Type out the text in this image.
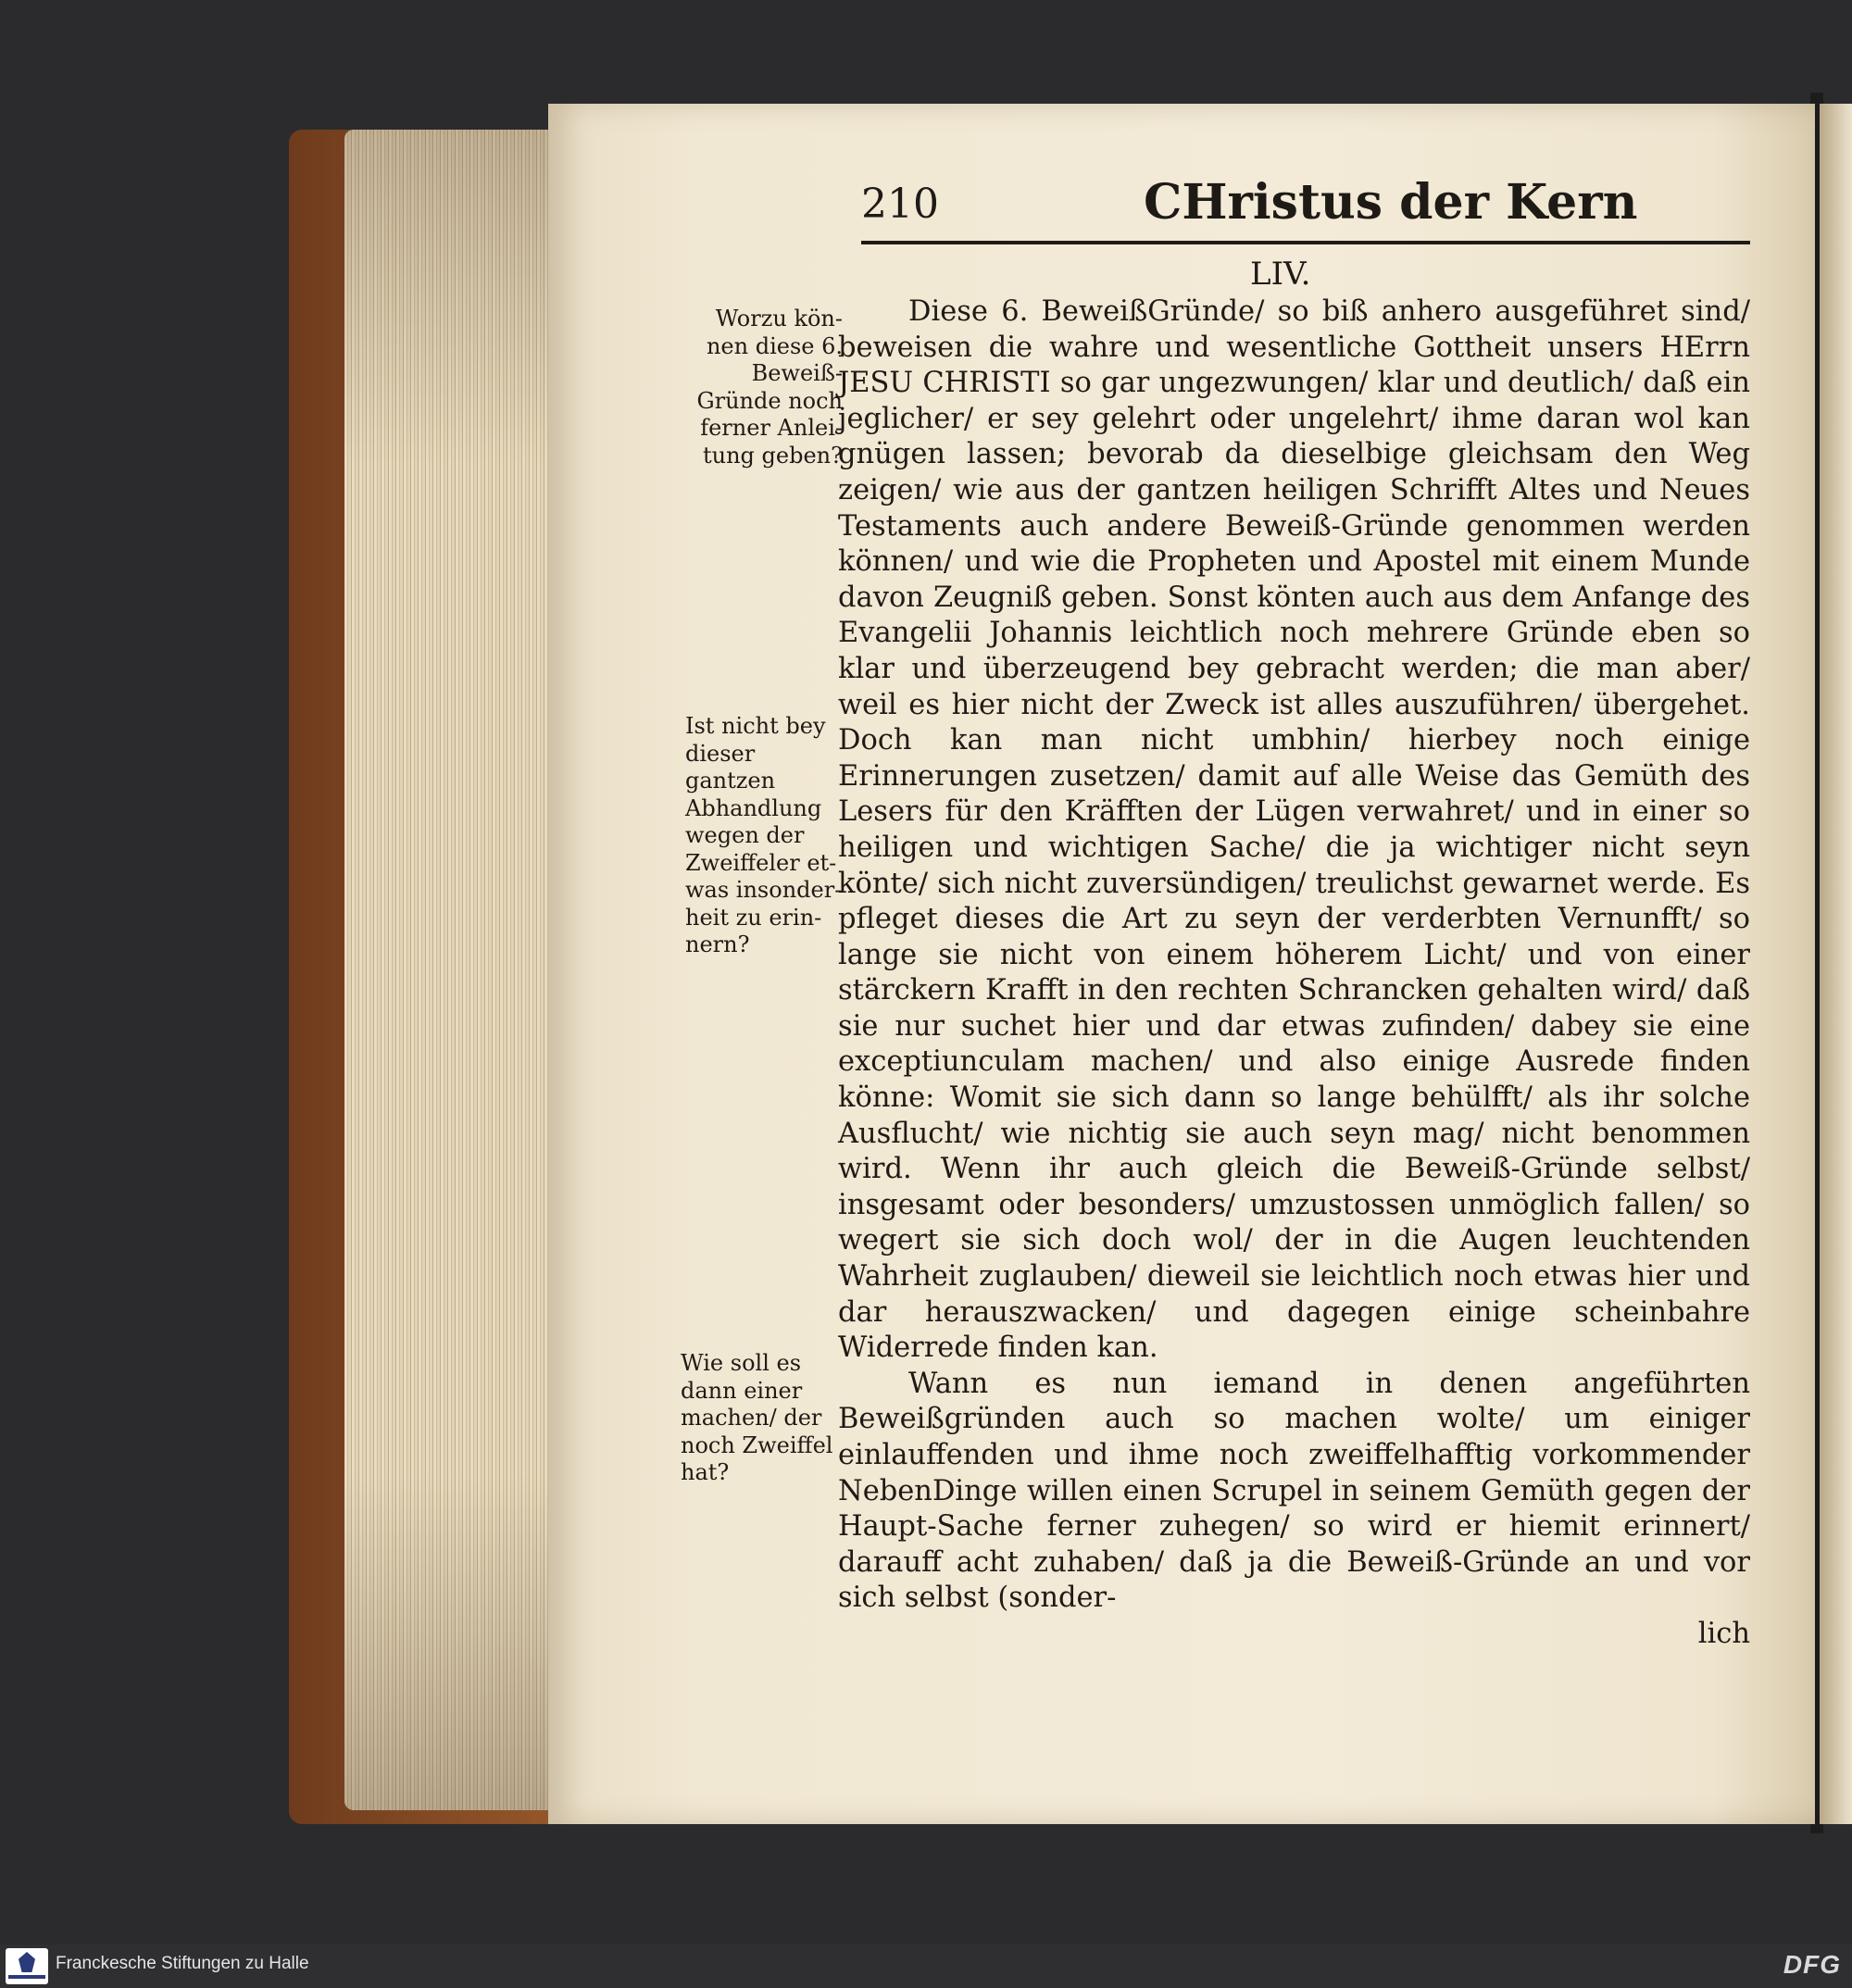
210	CHristus der Kern
LIV.
Worzu kön- nen diese 6. Beweiß- Gründe noch ferner Anlei- tung geben?
Ist nicht bey dieser gantzen Abhandlung wegen der Zweiffeler et- was insonder- heit zu erin- nern?
Wie soll es dann einer machen/ der noch Zweiffel hat?

Diese 6. BeweißGründe/ so biß anhero ausgeführet sind/ beweisen die wahre und wesentliche Gottheit unsers HErrn JESU CHRISTI so gar ungezwungen/ klar und deutlich/ daß ein jeglicher/ er sey gelehrt oder ungelehrt/ ihme daran wol kan gnügen lassen; bevorab da dieselbige gleichsam den Weg zeigen/ wie aus der gantzen heiligen Schrifft Altes und Neues Testaments auch andere Beweiß-Gründe genommen werden können/ und wie die Propheten und Apostel mit einem Munde davon Zeugniß geben. Sonst könten auch aus dem Anfange des Evangelii Johannis leichtlich noch mehrere Gründe eben so klar und überzeugend bey gebracht werden; die man aber/ weil es hier nicht der Zweck ist alles auszuführen/ übergehet. Doch kan man nicht umbhin/ hierbey noch einige Erinnerungen zusetzen/ damit auf alle Weise das Gemüth des Lesers für den Kräfften der Lügen verwahret/ und in einer so heiligen und wichtigen Sache/ die ja wichtiger nicht seyn könte/ sich nicht zuversündigen/ treulichst gewarnet werde. Es pfleget dieses die Art zu seyn der verderbten Vernunfft/ so lange sie nicht von einem höherem Licht/ und von einer stärckern Krafft in den rechten Schrancken gehalten wird/ daß sie nur suchet hier und dar etwas zufinden/ dabey sie eine exceptiunculam machen/ und also einige Ausrede finden könne: Womit sie sich dann so lange behülfft/ als ihr solche Ausflucht/ wie nichtig sie auch seyn mag/ nicht benommen wird. Wenn ihr auch gleich die Beweiß-Gründe selbst/ insgesamt oder besonders/ umzustossen unmöglich fallen/ so wegert sie sich doch wol/ der in die Augen leuchtenden Wahrheit zuglauben/ dieweil sie leichtlich noch etwas hier und dar herauszwacken/ und dagegen einige scheinbahre Widerrede finden kan.

Wann es nun iemand in denen angeführten Beweißgründen auch so machen wolte/ um einiger einlauffenden und ihme noch zweiffelhafftig vorkommender NebenDinge willen einen Scrupel in seinem Gemüth gegen der Haupt-Sache ferner zuhegen/ so wird er hiemit erinnert/ darauff acht zuhaben/ daß ja die Beweiß-Gründe an und vor sich selbst (sonder-

lich

Franckesche Stiftungen zu Halle	DFG
